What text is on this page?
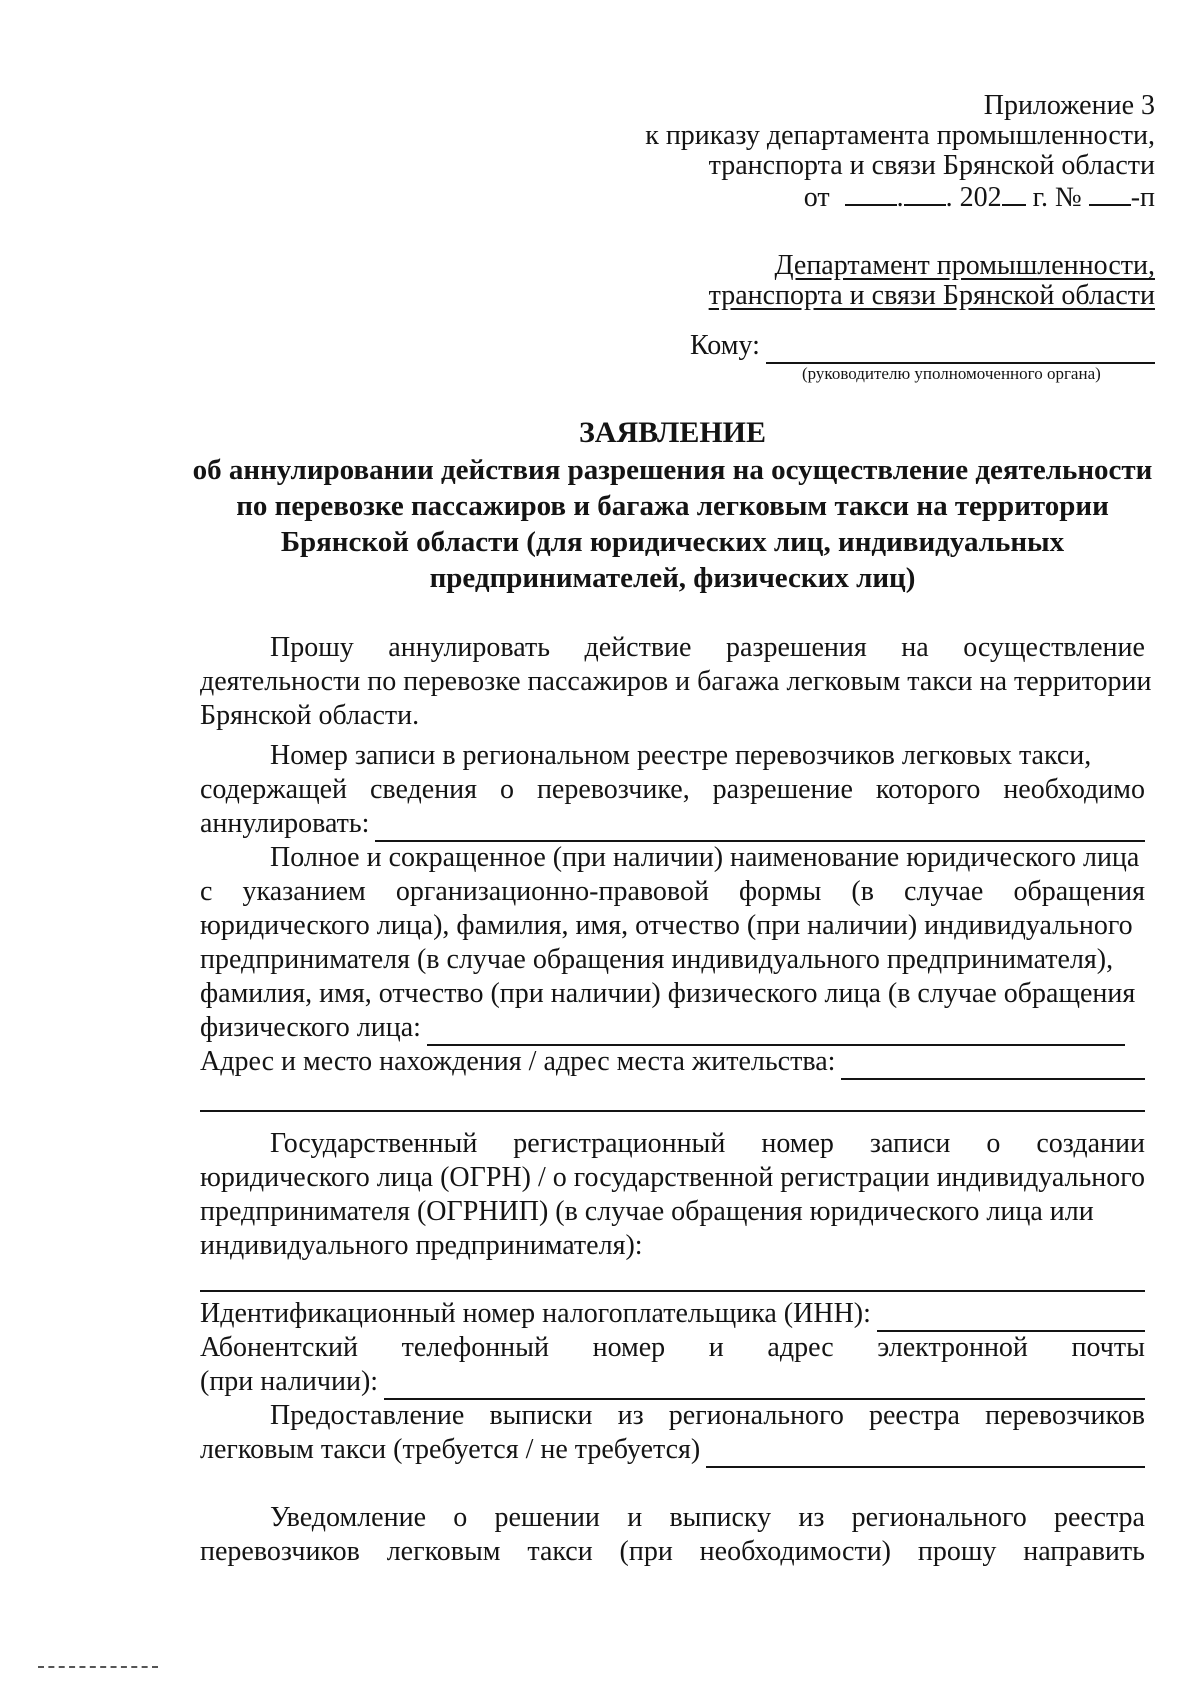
Приложение 3
к приказу департамента промышленности,
транспорта и связи Брянской области
от . . 202 г. № -п
Департамент промышленности,
транспорта и связи Брянской области
Кому:
(руководителю уполномоченного органа)
ЗАЯВЛЕНИЕ
об аннулировании действия разрешения на осуществление деятельности
по перевозке пассажиров и багажа легковым такси на территории
Брянской области (для юридических лиц, индивидуальных
предпринимателей, физических лиц)
Прошу аннулировать действие разрешения на осуществление
деятельности по перевозке пассажиров и багажа легковым такси на территории
Брянской области.
Номер записи в региональном реестре перевозчиков легковых такси,
содержащей сведения о перевозчике, разрешение которого необходимо
аннулировать:
Полное и сокращенное (при наличии) наименование юридического лица
с указанием организационно-правовой формы (в случае обращения
юридического лица), фамилия, имя, отчество (при наличии) индивидуального
предпринимателя (в случае обращения индивидуального предпринимателя),
фамилия, имя, отчество (при наличии) физического лица (в случае обращения
физического лица:
Адрес и место нахождения / адрес места жительства:
Государственный регистрационный номер записи о создании
юридического лица (ОГРН) / о государственной регистрации индивидуального
предпринимателя (ОГРНИП) (в случае обращения юридического лица или
индивидуального предпринимателя):
Идентификационный номер налогоплательщика (ИНН):
Абонентский телефонный номер и адрес электронной почты
(при наличии):
Предоставление выписки из регионального реестра перевозчиков
легковым такси (требуется / не требуется)
Уведомление о решении и выписку из регионального реестра
перевозчиков легковым такси (при необходимости) прошу направить
